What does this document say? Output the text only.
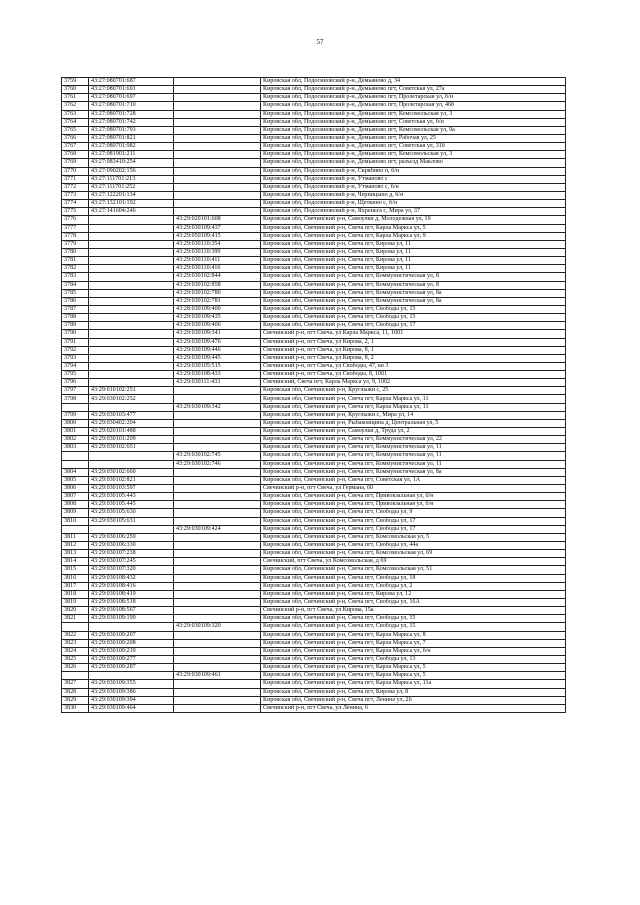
57
3759	43:27:080701:687		Кировская обл, Подосиновский р-н, Демьяново д, 34
3760	43:27:080701:691		Кировская обл, Подосиновский р-н, Демьяново пгт, Советская ул, 27а
3761	43:27:080701:697		Кировская обл, Подосиновский р-н, Демьяново пгт, Пролетарская ул, б/н
3762	43:27:080701:710		Кировская обл, Подосиновский р-н, Демьяново пгт, Пролетарская ул, 46б
3763	43:27:080701:728		Кировская обл, Подосиновский р-н, Демьяново пгт, Комсомольская ул, 3
3764	43:27:080701:742		Кировская обл, Подосиновский р-н, Демьяново пгт, Советская ул, б/н
3765	43:27:080701:793		Кировская обл, Подосиновский р-н, Демьяново пгт, Комсомольская ул, 9а
3766	43:27:080701:821		Кировская обл, Подосиновский р-н, Демьяново пгт, Рабочая ул, 25
3767	43:27:080701:982		Кировская обл, Подосиновский р-н, Демьяново пгт, Советская ул, 31б
3768	43:27:081901:211		Кировская обл, Подосиновский р-н, Демьяново пгт, Комсомольская ул, 3
3769	43:27:083410:254		Кировская обл, Подосиновский р-н, Демьяново пгт, разъезд Маклово
3770	43:27:090202:156		Кировская обл, Подосиновский р-н, Скрябино п, б/н
3771	43:27:111701:213		Кировская обл, Подосиновский р-н, Утманово с
3772	43:27:111701:252		Кировская обл, Подосиновский р-н, Утманово с, б/н
3773	43:27:122201:134		Кировская обл, Подосиновский р-н, Черницыно д, б/н
3774	43:27:132101:192		Кировская обл, Подосиновский р-н, Щеткино с, б/н
3775	43:27:141604:246		Кировская обл, Подосиновский р-н, Яхреньга с, Мира ул, 37
3776		43:29:020101:608	Кировская обл, Свечинский р-н, Самоулки д, Молодежная ул, 19
3777		43:29:030109:437	Кировская обл, Свечинский р-н, Свеча пгт, Карла Маркса ул, 5
3778		43:29:050109:415	Кировская обл, Свечинский р-н, Свеча пгт, Карла Маркса ул, 9
3779		43:29:030110:354	Кировская обл, Свечинский р-н, Свеча пгт, Кирова ул, 11
3780		43:29:030110:399	Кировская обл, Свечинский р-н, Свеча пгт, Кирова ул, 11
3781		43:29:030110:411	Кировская обл, Свечинский р-н, Свеча пгт, Кирова ул, 11
3782		43:29:030110:416	Кировская обл, Свечинский р-н, Свеча пгт, Кирова ул, 11
3783		43:29:030102:844	Кировская обл, Свечинский р-н, Свеча пгт, Коммунистическая ул, 8
3784		43:29:030102:858	Кировская обл, Свечинский р-н, Свеча пгт, Коммунистическая ул, 8
3785		43:29:030102:780	Кировская обл, Свечинский р-н, Свеча пгт, Коммунистическая ул, 8а
3786		43:29:030102:781	Кировская обл, Свечинский р-н, Свеча пгт, Коммунистическая ул, 8а
3787		43:28:030109:400	Кировская обл, Свечинский р-н, Свеча пгт, Свободы ул, 15
3788		43:29:030109:435	Кировская обл, Свечинский р-н, Свеча пгт, Свободы ул, 15
3789		43:29:030109:406	Кировская обл, Свечинский р-н, Свеча пгт, Свободы ул, 17
3790		43:29:030109:341	Свечинский р-н, пгт Свеча, ул Карла Маркса, 11, 1001
3791		43:29:030109:476	Свечинский р-н, пгт Свеча, ул Кирова, 2, 1
3792		43:29:030109:446	Свечинский р-н, пгт Свеча, ул Кирова, 8, 1
3793		43:29:030109:445	Свечинский р-н, пгт Свеча, ул Кирова, 8, 2
3794		43:29:030105:515	Свечинский р-н, пгт Свеча, ул Свободы, 47, кв 3
3795		43:29:030108:433	Свечинский р-н, пгт Свеча, ул Свободы, 8, 1001
3796		43:29:030111:433	Свечинский, Свеча пгт, Карла Маркса ул, 9, 1002
3797	43:29:010102:251		Кировская обл, Свечинский р-н, Круглыжи с, 25
3798	43:29:030102:252		Кировская обл, Свечинский р-н, Свеча пгт, Карла Маркса ул, 11
		43:29:030109:342	Кировская обл, Свечинский р-н, Свеча пгт, Карла Маркса ул, 11
3799	43:29:030103:477		Кировская обл, Свечинский р-н, Круглыжи с, Мира ул, 14
3800	43:29:030402:204		Кировская обл, Свечинский р-н, Рыбаковщина д, Центральная ул, 5
3801	43:29:020101:488		Кировская обл, Свечинский р-н, Самоулки д, Труда ул, 2
3802	43:29:030101:209		Кировская обл, Свечинский р-н, Свеча пгт, Коммунистическая ул, 22
3803	43:29:030102:651		Кировская обл, Свечинский р-н, Свеча пгт, Коммунистическая ул, 11
		43:29:030102:745	Кировская обл, Свечинский р-н, Свеча пгт, Коммунистическая ул, 11
		43:29:030102:746	Кировская обл, Свечинский р-н, Свеча пгт, Коммунистическая ул, 11
3804	43:29:030102:660		Кировская обл, Свечинский р-н, Свеча пгт, Коммунистическая ул, 8а
3805	43:29:030102:821		Кировская обл, Свечинский р-н, Свеча пгт, Советская ул, 1А
3806	43:29:030103:597		Свечинский р-н, пгт Свеча, ул Германа, 60
3807	43:29:030105:443		Кировская обл, Свечинский р-н, Свеча пгт, Привокзальная ул, б/н
3808	43:29:030105:445		Кировская обл, Свечинский р-н, Свеча пгт, Привокзальная ул, б/н
3809	43:29:030105:630		Кировская обл, Свечинский р-н, Свеча пгт, Свободы ул, 9
3810	43:29:030105:631		Кировская обл, Свечинский р-н, Свеча пгт, Свободы ул, 17
		43:29:030109:424	Кировская обл, Свечинский р-н, Свеча пгт, Свободы ул, 17
3811	43:29:030106:259		Кировская обл, Свечинский р-н, Свеча пгт, Комсомольская ул, 5
3812	43:29:030106:330		Кировская обл, Свечинский р-н, Свеча пгт, Свободы ул, 44а
3813	43:29:030107:238		Кировская обл, Свечинский р-н, Свеча пгт, Комсомольская ул, 69
3814	43:29:030107:245		Свечинский, пгт Свеча, ул Комсомольская, д 69
3815	43:29:030107:320		Кировская обл, Свечинский р-н, Свеча пгт, Комсомольская ул, 51
3816	43:29:030108:432		Кировская обл, Свечинский р-н, Свеча пгт, Свободы ул, 18
3817	43:29:030108:416		Кировская обл, Свечинский р-н, Свеча пгт, Свободы ул, 2
3818	43:29:030108:419		Кировская обл, Свечинский р-н, Свеча пгт, Кирова ул, 12
3819	43:29:030108:518		Кировская обл, Свечинский р-н, Свеча пгт, Свободы ул, 16А
3820	43:29:030108:567		Свечинский р-н, пгт Свеча, ул Кирова, 15а
3821	43:29:030109:199		Кировская обл, Свечинский р-н, Свеча пгт, Свободы ул, 15
		43:29:030109:320	Кировская обл, Свечинский р-н, Свеча пгт, Свободы ул, 15
3822	43:29:030109:207		Кировская обл, Свечинский р-н, Свеча пгт, Карла Маркса ул, 8
3823	43:29:030109:208		Кировская обл, Свечинский р-н, Свеча пгт, Карла Маркса ул, 7
3824	43:29:030109:219		Кировская обл, Свечинский р-н, Свеча пгт, Карла Маркса ул, б/н
3825	43:29:030109:277		Кировская обл, Свечинский р-н, Свеча пгт, Свободы ул, 13
3826	43:29:030109:287		Кировская обл, Свечинский р-н, Свеча пгт, Карла Маркса ул, 5
		43:29:030109:461	Кировская обл, Свечинский р-н, Свеча пгт, Карла Маркса ул, 5
3827	43:29:030109:355		Кировская обл, Свечинский р-н, Свеча пгт, Карла Маркса ул, 11а
3828	43:29:030109:386		Кировская обл, Свечинский р-н, Свеча пгт, Кирова ул, 8
3829	43:29:030109:394		Кировская обл, Свечинский р-н, Свеча пгт, Ленина ул, 26
3830	43:29:030109:464		Свечинский р-н, пгт Свеча, ул Ленина, 6
